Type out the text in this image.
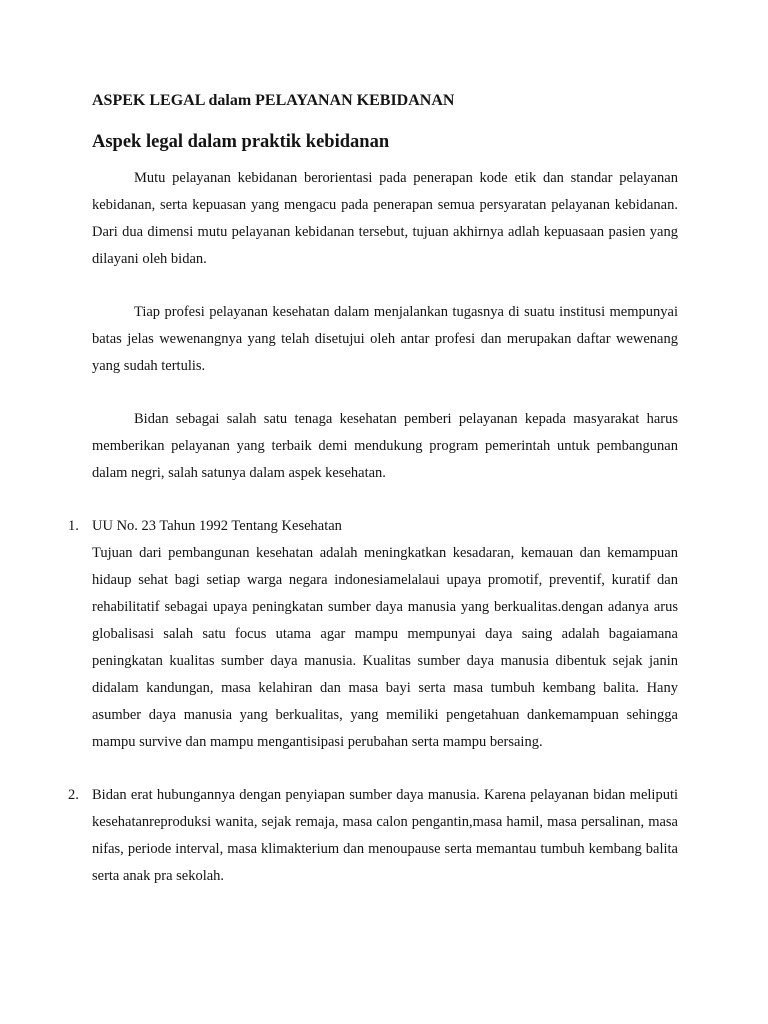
ASPEK LEGAL dalam PELAYANAN KEBIDANAN
Aspek legal dalam praktik kebidanan

Mutu pelayanan kebidanan berorientasi pada penerapan kode etik dan standar pelayanan kebidanan, serta kepuasan yang mengacu pada penerapan semua persyaratan pelayanan kebidanan. Dari dua dimensi mutu pelayanan kebidanan tersebut, tujuan akhirnya adlah kepuasaan pasien yang dilayani oleh bidan.

Tiap profesi pelayanan kesehatan dalam menjalankan tugasnya di suatu institusi mempunyai batas jelas wewenangnya yang telah disetujui oleh antar profesi dan merupakan daftar wewenang yang sudah tertulis.

Bidan sebagai salah satu tenaga kesehatan pemberi pelayanan kepada masyarakat harus memberikan pelayanan yang terbaik demi mendukung program pemerintah untuk pembangunan dalam negri, salah satunya dalam aspek kesehatan.

1. UU No. 23 Tahun 1992 Tentang Kesehatan
Tujuan dari pembangunan kesehatan adalah meningkatkan kesadaran, kemauan dan kemampuan hidaup sehat bagi setiap warga negara indonesiamelalaui upaya promotif, preventif, kuratif dan rehabilitatif sebagai upaya peningkatan sumber daya manusia yang berkualitas.dengan adanya arus globalisasi salah satu focus utama agar mampu mempunyai daya saing adalah bagaiamana peningkatan kualitas sumber daya manusia. Kualitas sumber daya manusia dibentuk sejak janin didalam kandungan, masa kelahiran dan masa bayi serta masa tumbuh kembang balita. Hany asumber daya manusia yang berkualitas, yang memiliki pengetahuan dankemampuan sehingga mampu survive dan mampu mengantisipasi perubahan serta mampu bersaing.
2. Bidan erat hubungannya dengan penyiapan sumber daya manusia. Karena pelayanan bidan meliputi kesehatanreproduksi wanita, sejak remaja, masa calon pengantin,masa hamil, masa persalinan, masa nifas, periode interval, masa klimakterium dan menoupause serta memantau tumbuh kembang balita serta anak pra sekolah.
